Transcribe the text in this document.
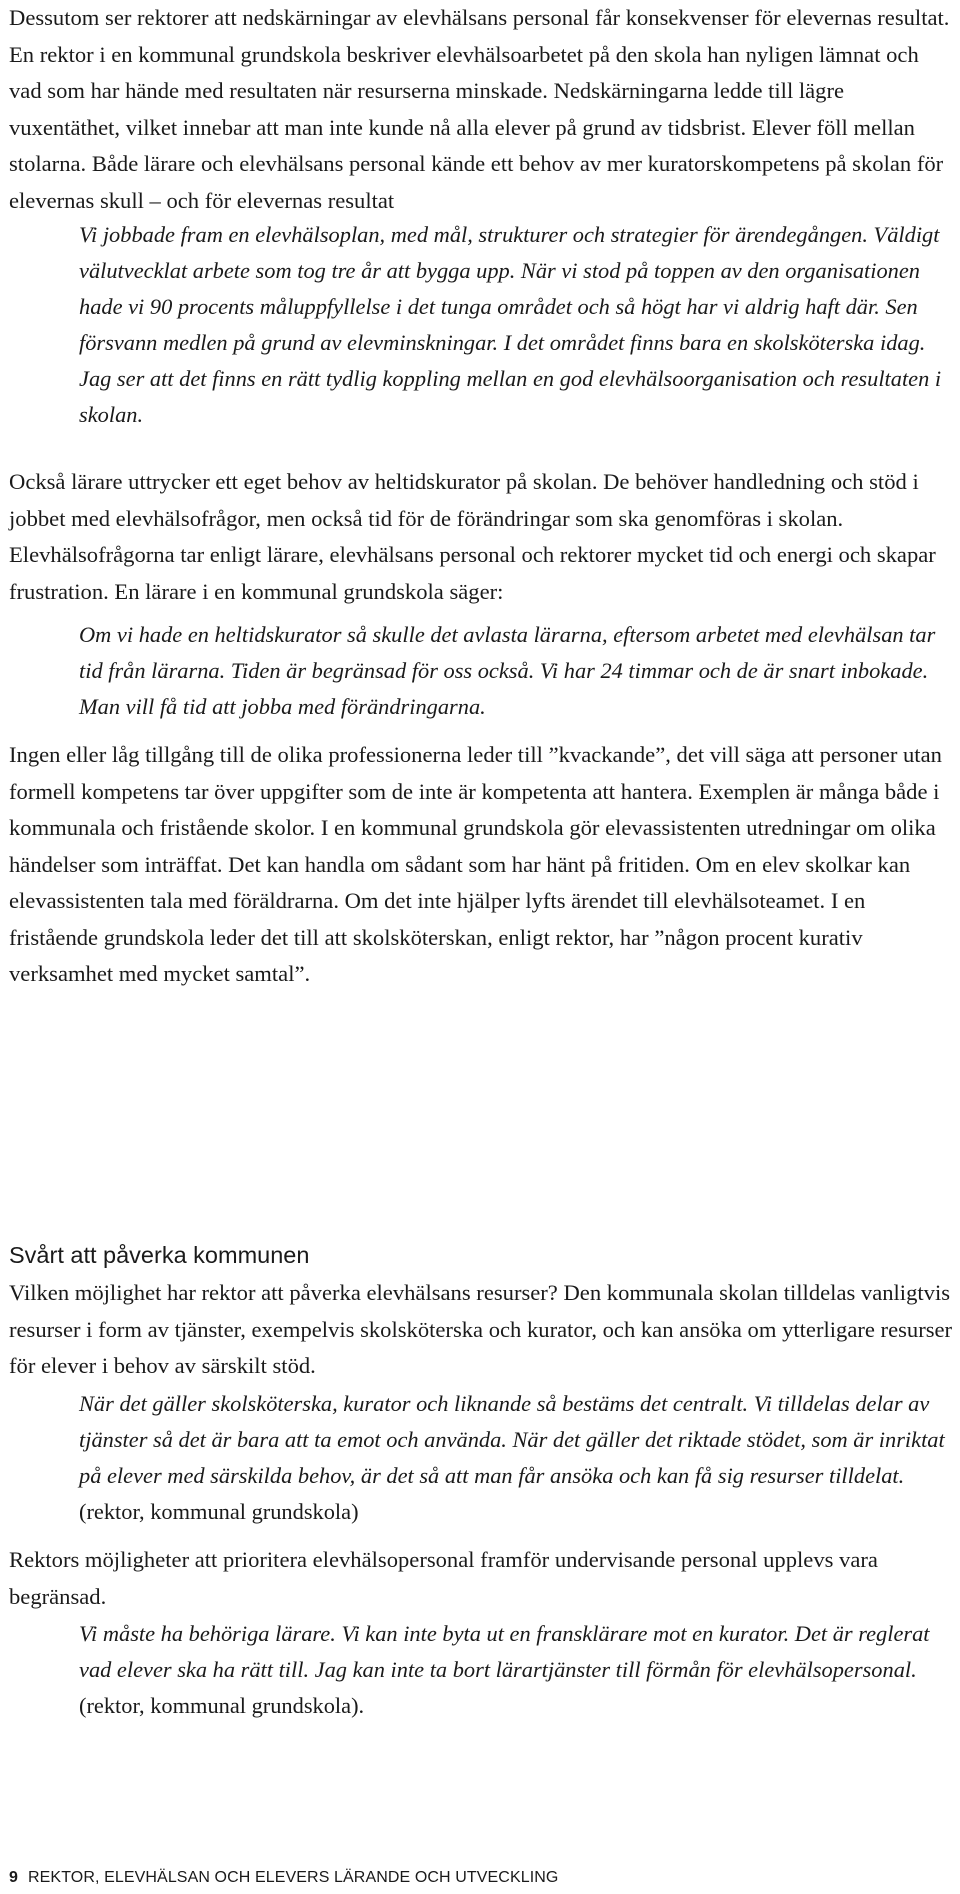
Dessutom ser rektorer att nedskärningar av elevhälsans personal får konsekvenser för elevernas resultat. En rektor i en kommunal grundskola beskriver elevhälsoarbetet på den skola han nyligen lämnat och vad som har hände med resultaten när resurserna minskade. Nedskärningarna ledde till lägre vuxentäthet, vilket innebar att man inte kunde nå alla elever på grund av tidsbrist. Elever föll mellan stolarna. Både lärare och elevhälsans personal kände ett behov av mer kuratorskompetens på skolan för elevernas skull – och för elevernas resultat

Vi jobbade fram en elevhälsoplan, med mål, strukturer och strategier för ärendegången. Väldigt välutvecklat arbete som tog tre år att bygga upp. När vi stod på toppen av den organisationen hade vi 90 procents måluppfyllelse i det tunga området och så högt har vi aldrig haft där. Sen försvann medlen på grund av elevminskningar. I det området finns bara en skolsköterska idag. Jag ser att det finns en rätt tydlig koppling mellan en god elevhälsoorganisation och resultaten i skolan.

Också lärare uttrycker ett eget behov av heltidskurator på skolan. De behöver handledning och stöd i jobbet med elevhälsofrågor, men också tid för de förändringar som ska genomföras i skolan. Elevhälsofrågorna tar enligt lärare, elevhälsans personal och rektorer mycket tid och energi och skapar frustration. En lärare i en kommunal grundskola säger:

Om vi hade en heltidskurator så skulle det avlasta lärarna, eftersom arbetet med elevhälsan tar tid från lärarna. Tiden är begränsad för oss också. Vi har 24 timmar och de är snart inbokade. Man vill få tid att jobba med förändringarna.

Ingen eller låg tillgång till de olika professionerna leder till ”kvackande”, det vill säga att personer utan formell kompetens tar över uppgifter som de inte är kompetenta att hantera. Exemplen är många både i kommunala och fristående skolor. I en kommunal grundskola gör elevassistenten utredningar om olika händelser som inträffat. Det kan handla om sådant som har hänt på fritiden. Om en elev skolkar kan elevassistenten tala med föräldrarna. Om det inte hjälper lyfts ärendet till elevhälsoteamet. I en fristående grundskola leder det till att skolsköterskan, enligt rektor, har ”någon procent kurativ verksamhet med mycket samtal”.

Svårt att påverka kommunen

Vilken möjlighet har rektor att påverka elevhälsans resurser? Den kommunala skolan tilldelas vanligtvis resurser i form av tjänster, exempelvis skolsköterska och kurator, och kan ansöka om ytterligare resurser för elever i behov av särskilt stöd.

När det gäller skolsköterska, kurator och liknande så bestäms det centralt. Vi tilldelas delar av tjänster så det är bara att ta emot och använda. När det gäller det riktade stödet, som är inriktat på elever med särskilda behov, är det så att man får ansöka och kan få sig resurser tilldelat. (rektor, kommunal grundskola)

Rektors möjligheter att prioritera elevhälsopersonal framför undervisande personal upplevs vara begränsad.

Vi måste ha behöriga lärare. Vi kan inte byta ut en fransklärare mot en kurator. Det är reglerat vad elever ska ha rätt till. Jag kan inte ta bort lärartjänster till förmån för elevhälsopersonal. (rektor, kommunal grundskola).

9 REKTOR, ELEVHÄLSAN OCH ELEVERS LÄRANDE OCH UTVECKLING
